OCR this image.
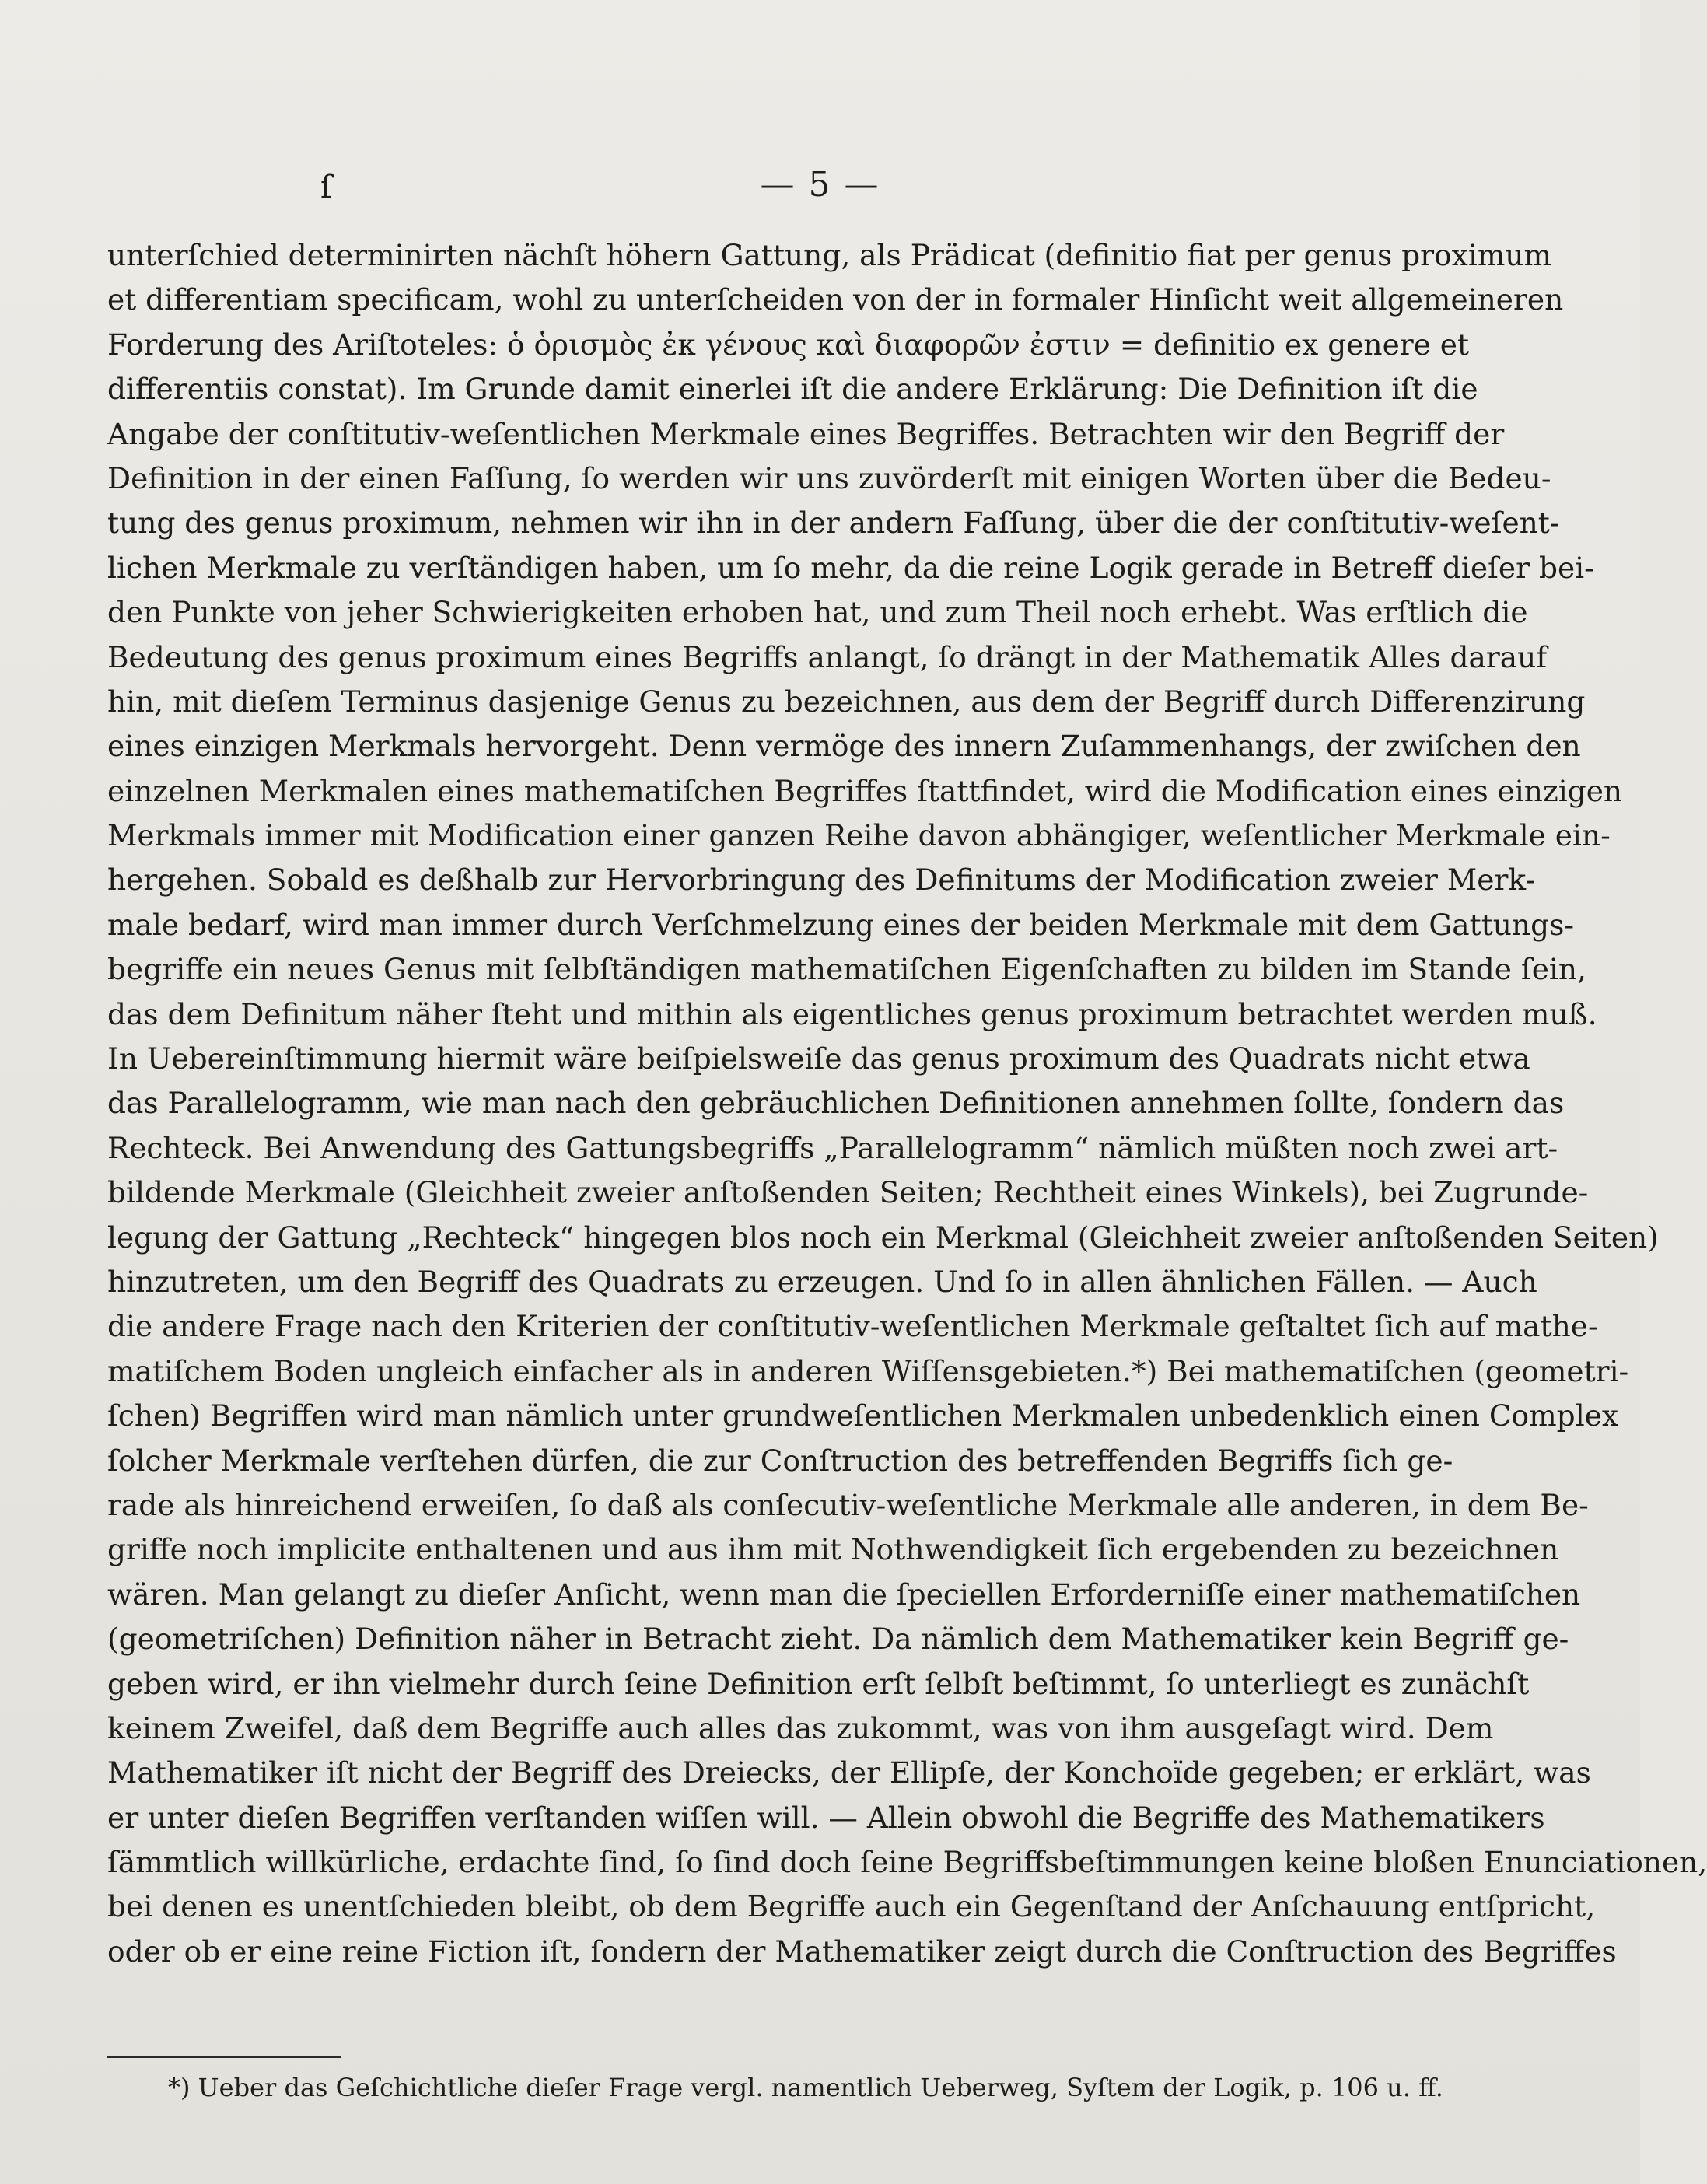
ſ	— 5 —
unterſchied determinirten nächſt höhern Gattung, als Prädicat (definitio fiat per genus proximum
et differentiam specificam, wohl zu unterſcheiden von der in formaler Hinſicht weit allgemeineren
Forderung des Ariſtoteles: ὁ ὁρισμὸς ἐκ γένους καὶ διαφορῶν ἐστιν = definitio ex genere et
differentiis constat). Im Grunde damit einerlei iſt die andere Erklärung: Die Definition iſt die
Angabe der conſtitutiv-weſentlichen Merkmale eines Begriffes. Betrachten wir den Begriff der
Definition in der einen Faſſung, ſo werden wir uns zuvörderſt mit einigen Worten über die Bedeu-
tung des genus proximum, nehmen wir ihn in der andern Faſſung, über die der conſtitutiv-weſent-
lichen Merkmale zu verſtändigen haben, um ſo mehr, da die reine Logik gerade in Betreff dieſer bei-
den Punkte von jeher Schwierigkeiten erhoben hat, und zum Theil noch erhebt. Was erſtlich die
Bedeutung des genus proximum eines Begriffs anlangt, ſo drängt in der Mathematik Alles darauf
hin, mit dieſem Terminus dasjenige Genus zu bezeichnen, aus dem der Begriff durch Differenzirung
eines einzigen Merkmals hervorgeht. Denn vermöge des innern Zuſammenhangs, der zwiſchen den
einzelnen Merkmalen eines mathematiſchen Begriffes ſtattfindet, wird die Modification eines einzigen
Merkmals immer mit Modification einer ganzen Reihe davon abhängiger, weſentlicher Merkmale ein-
hergehen. Sobald es deßhalb zur Hervorbringung des Definitums der Modification zweier Merk-
male bedarf, wird man immer durch Verſchmelzung eines der beiden Merkmale mit dem Gattungs-
begriffe ein neues Genus mit ſelbſtändigen mathematiſchen Eigenſchaften zu bilden im Stande ſein,
das dem Definitum näher ſteht und mithin als eigentliches genus proximum betrachtet werden muß.
In Uebereinſtimmung hiermit wäre beiſpielsweiſe das genus proximum des Quadrats nicht etwa
das Parallelogramm, wie man nach den gebräuchlichen Definitionen annehmen ſollte, ſondern das
Rechteck. Bei Anwendung des Gattungsbegriffs „Parallelogramm“ nämlich müßten noch zwei art-
bildende Merkmale (Gleichheit zweier anſtoßenden Seiten; Rechtheit eines Winkels), bei Zugrunde-
legung der Gattung „Rechteck“ hingegen blos noch ein Merkmal (Gleichheit zweier anſtoßenden Seiten)
hinzutreten, um den Begriff des Quadrats zu erzeugen. Und ſo in allen ähnlichen Fällen. — Auch
die andere Frage nach den Kriterien der conſtitutiv-weſentlichen Merkmale geſtaltet ſich auf mathe-
matiſchem Boden ungleich einfacher als in anderen Wiſſensgebieten.*) Bei mathematiſchen (geometri-
ſchen) Begriffen wird man nämlich unter grundweſentlichen Merkmalen unbedenklich einen Complex
ſolcher Merkmale verſtehen dürfen, die zur Conſtruction des betreffenden Begriffs ſich ge-
rade als hinreichend erweiſen, ſo daß als conſecutiv-weſentliche Merkmale alle anderen, in dem Be-
griffe noch implicite enthaltenen und aus ihm mit Nothwendigkeit ſich ergebenden zu bezeichnen
wären. Man gelangt zu dieſer Anſicht, wenn man die ſpeciellen Erforderniſſe einer mathematiſchen
(geometriſchen) Definition näher in Betracht zieht. Da nämlich dem Mathematiker kein Begriff ge-
geben wird, er ihn vielmehr durch ſeine Definition erſt ſelbſt beſtimmt, ſo unterliegt es zunächſt
keinem Zweifel, daß dem Begriffe auch alles das zukommt, was von ihm ausgeſagt wird. Dem
Mathematiker iſt nicht der Begriff des Dreiecks, der Ellipſe, der Konchoïde gegeben; er erklärt, was
er unter dieſen Begriffen verſtanden wiſſen will. — Allein obwohl die Begriffe des Mathematikers
ſämmtlich willkürliche, erdachte ſind, ſo ſind doch ſeine Begriffsbeſtimmungen keine bloßen Enunciationen,
bei denen es unentſchieden bleibt, ob dem Begriffe auch ein Gegenſtand der Anſchauung entſpricht,
oder ob er eine reine Fiction iſt, ſondern der Mathematiker zeigt durch die Conſtruction des Begriffes
*) Ueber das Geſchichtliche dieſer Frage vergl. namentlich Ueberweg, Syſtem der Logik, p. 106 u. ff.
